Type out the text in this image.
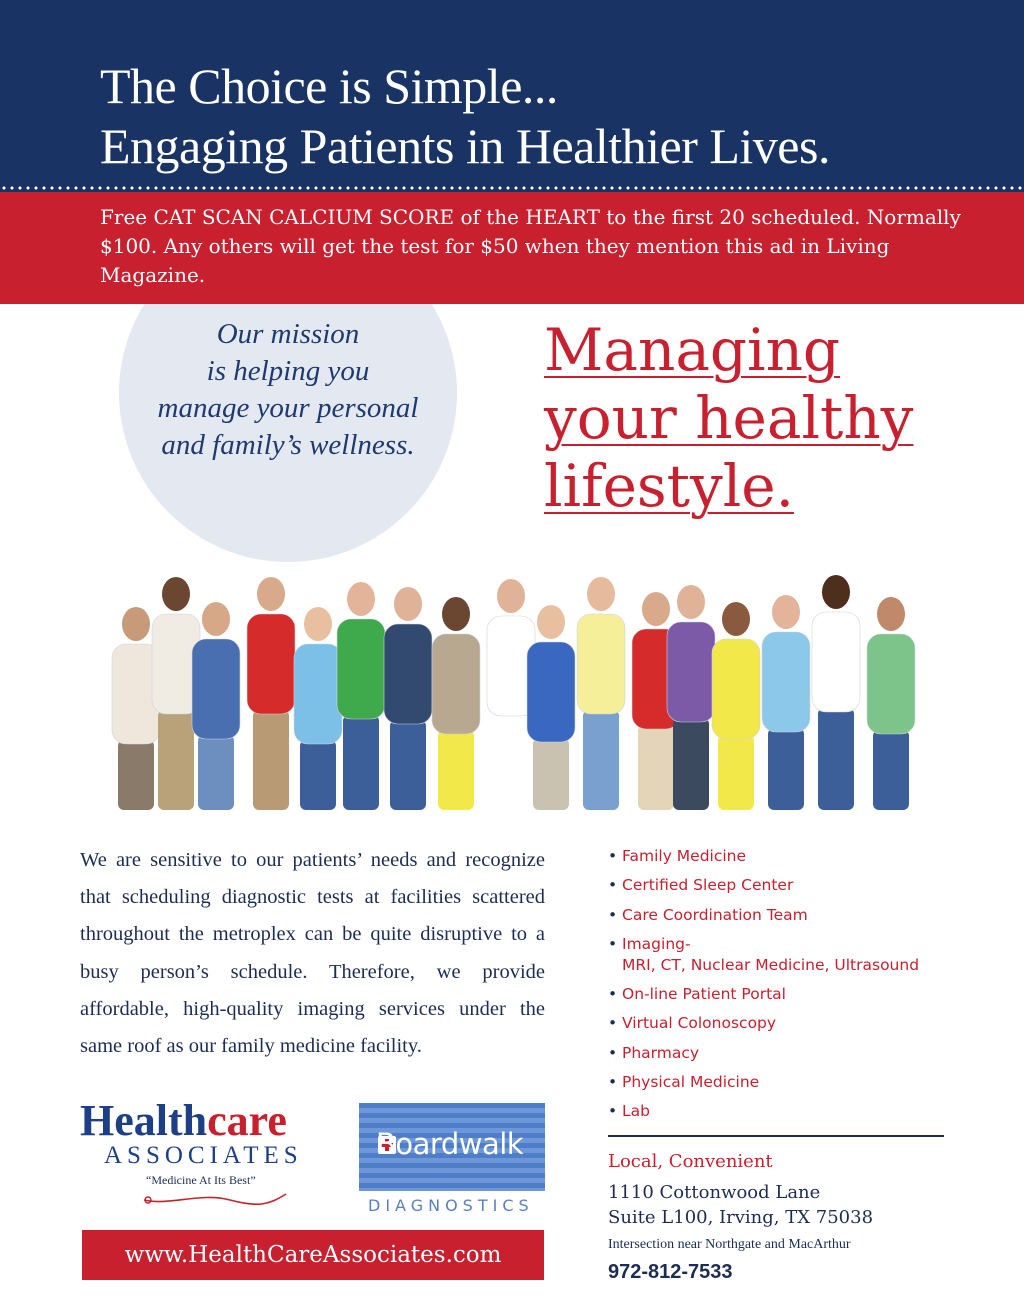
The Choice is Simple...
Engaging Patients in Healthier Lives.
Free CAT SCAN CALCIUM SCORE of the HEART to the first 20 scheduled. Normally $100. Any others will get the test for $50 when they mention this ad in Living Magazine.
Our mission
is helping you
manage your personal
and family’s wellness.
Managing
your healthy
lifestyle.
We are sensitive to our patients’ needs and recognize that scheduling diagnostic tests at facilities scattered throughout the metroplex can be quite disruptive to a busy person’s schedule. Therefore, we provide affordable, high-quality imaging services under the same roof as our family medicine facility.
• Family Medicine
• Certified Sleep Center
• Care Coordination Team
• Imaging-
MRI, CT, Nuclear Medicine, Ultrasound
• On-line Patient Portal
• Virtual Colonoscopy
• Pharmacy
• Physical Medicine
• Lab
Local, Convenient
1110 Cottonwood Lane
Suite L100, Irving, TX 75038
Intersection near Northgate and MacArthur
972-812-7533
Healthcare
ASSOCIATES
“Medicine At Its Best”
Boardwalk
DIAGNOSTICS
www.HealthCareAssociates.com
